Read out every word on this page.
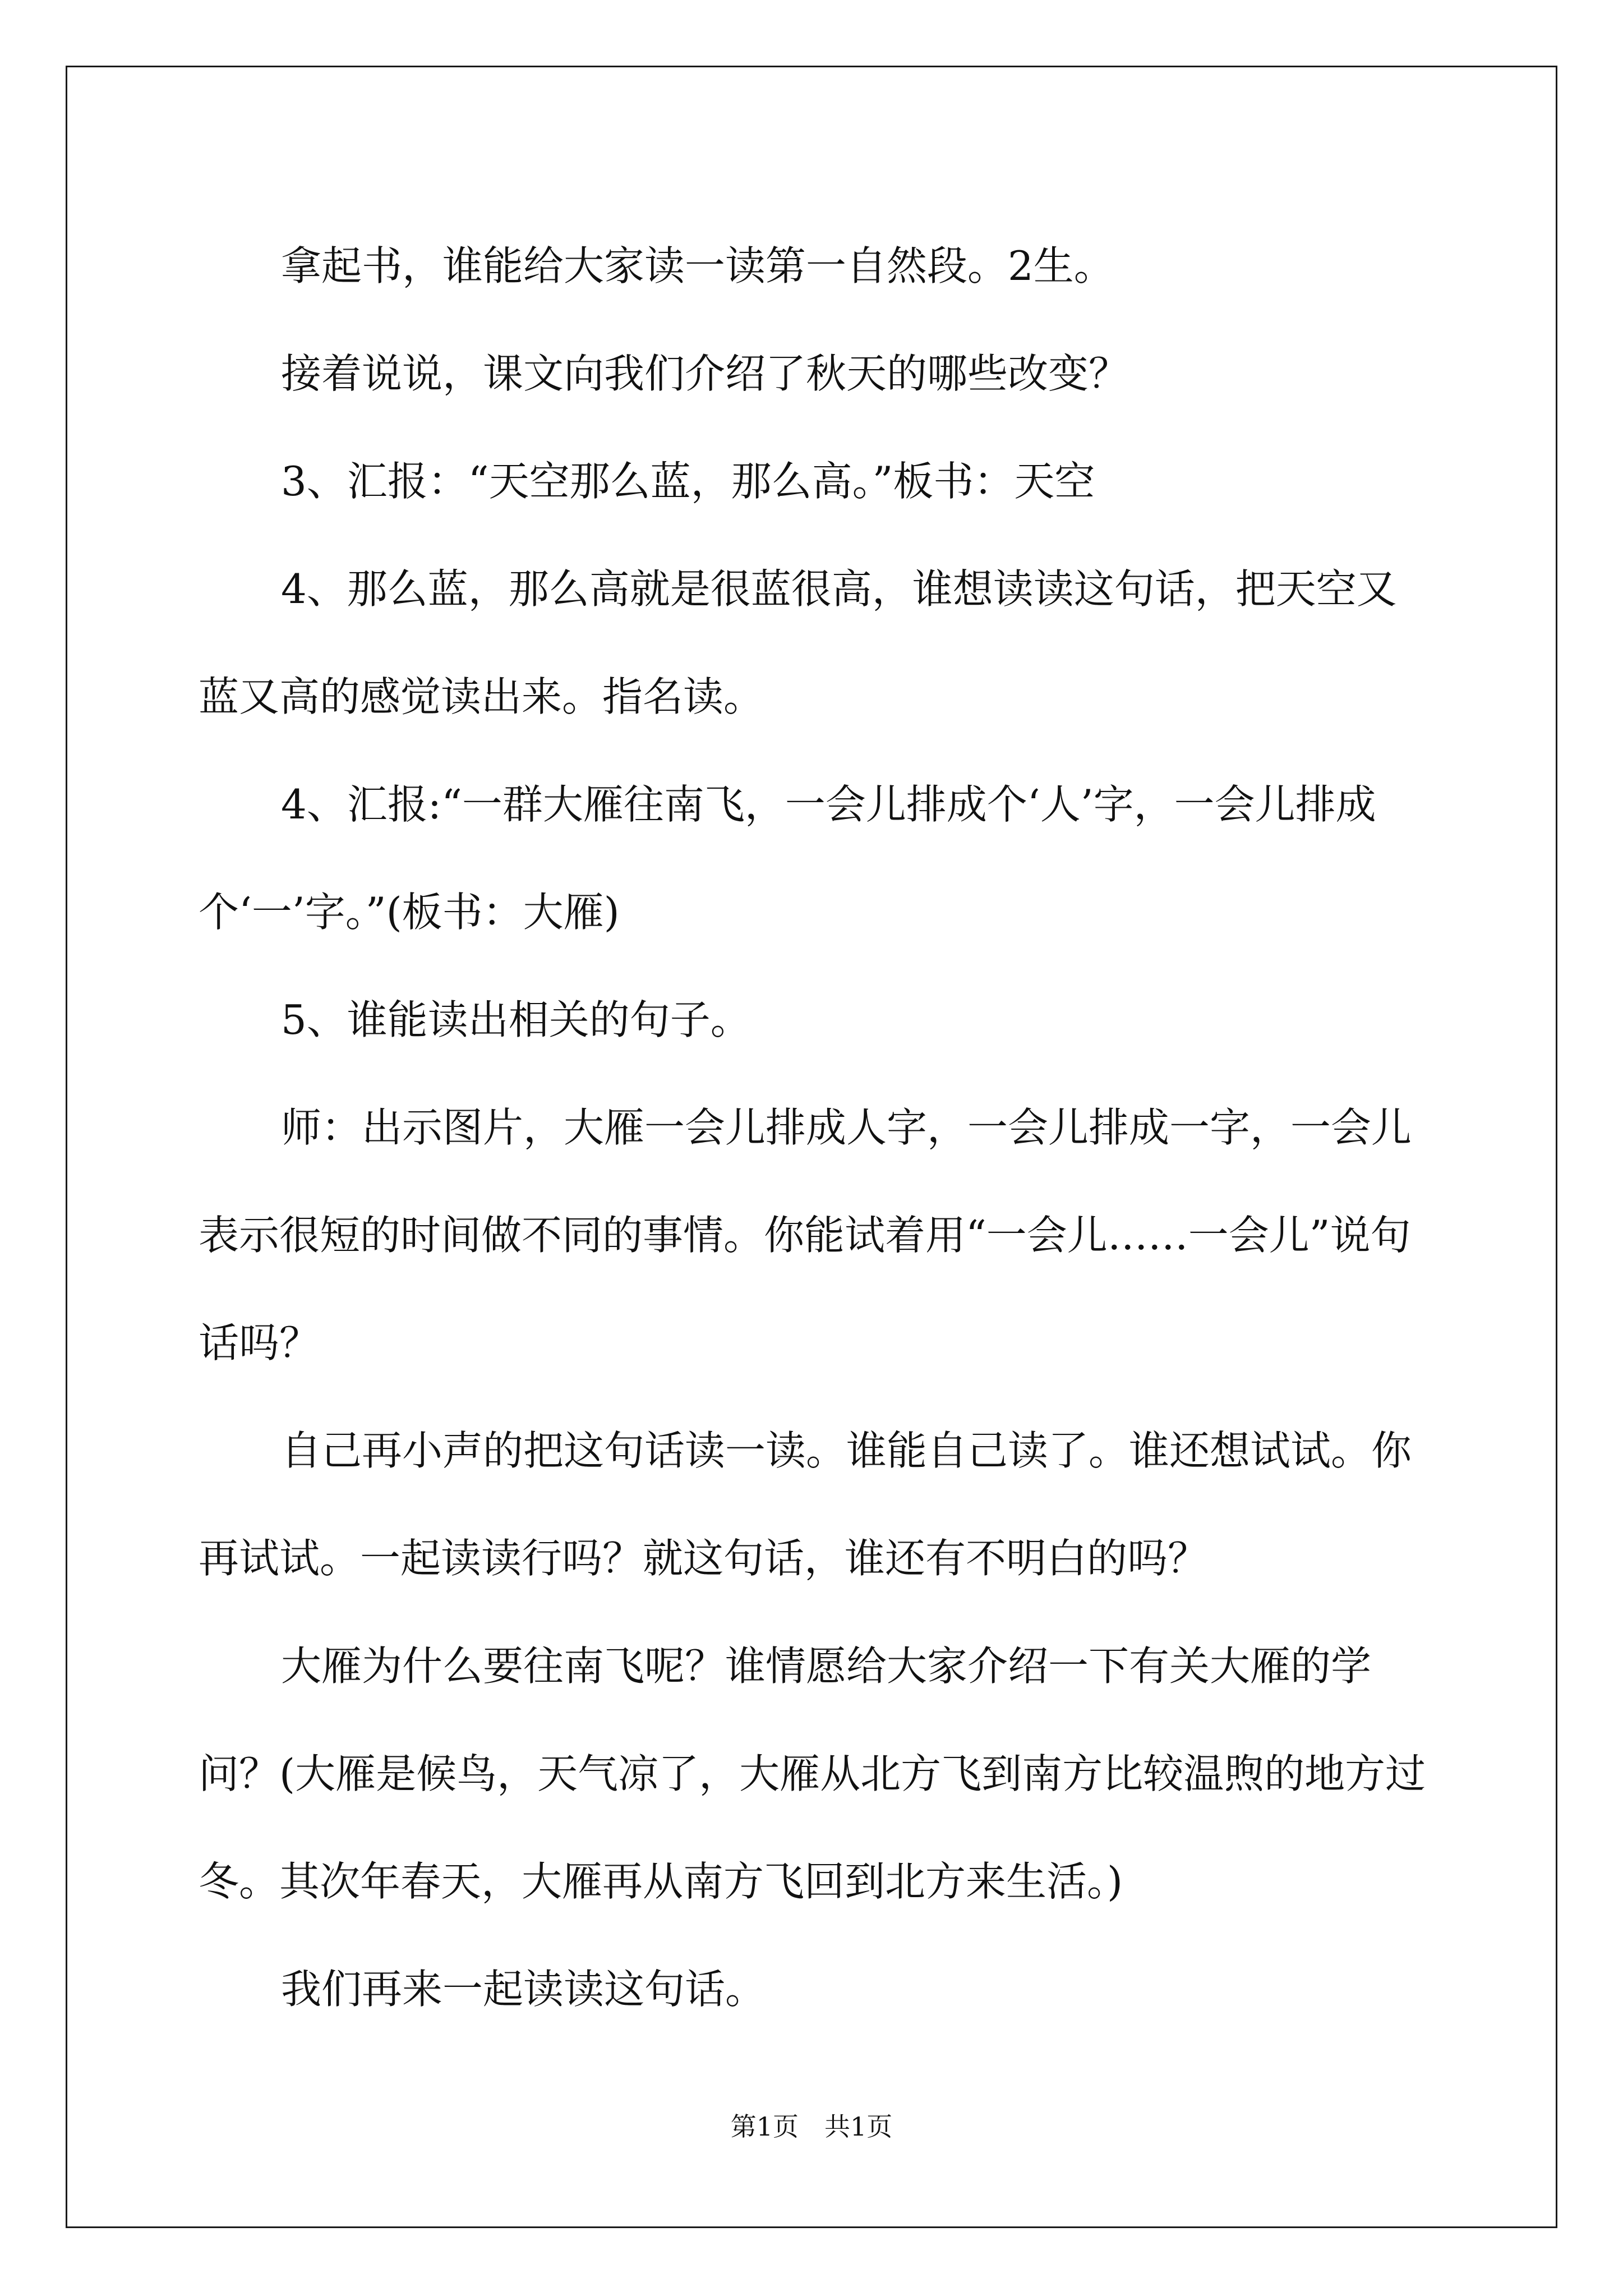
拿起书，谁能给大家读一读第一自然段。2生。

接着说说，课文向我们介绍了秋天的哪些改变？

3、汇报：“天空那么蓝，那么高。”板书：天空

4、那么蓝，那么高就是很蓝很高，谁想读读这句话，把天空又蓝又高的感觉读出来。指名读。

4、汇报:“一群大雁往南飞，一会儿排成个‘人’字，一会儿排成个‘一’字。”(板书：大雁)

5、谁能读出相关的句子。

师：出示图片，大雁一会儿排成人字，一会儿排成一字，一会儿表示很短的时间做不同的事情。你能试着用“一会儿……一会儿”说句话吗？

自己再小声的把这句话读一读。谁能自己读了。谁还想试试。你再试试。一起读读行吗？就这句话，谁还有不明白的吗？

大雁为什么要往南飞呢？谁情愿给大家介绍一下有关大雁的学问？(大雁是候鸟，天气凉了，大雁从北方飞到南方比较温煦的地方过冬。其次年春天，大雁再从南方飞回到北方来生活。)

我们再来一起读读这句话。

第1页　共1页
